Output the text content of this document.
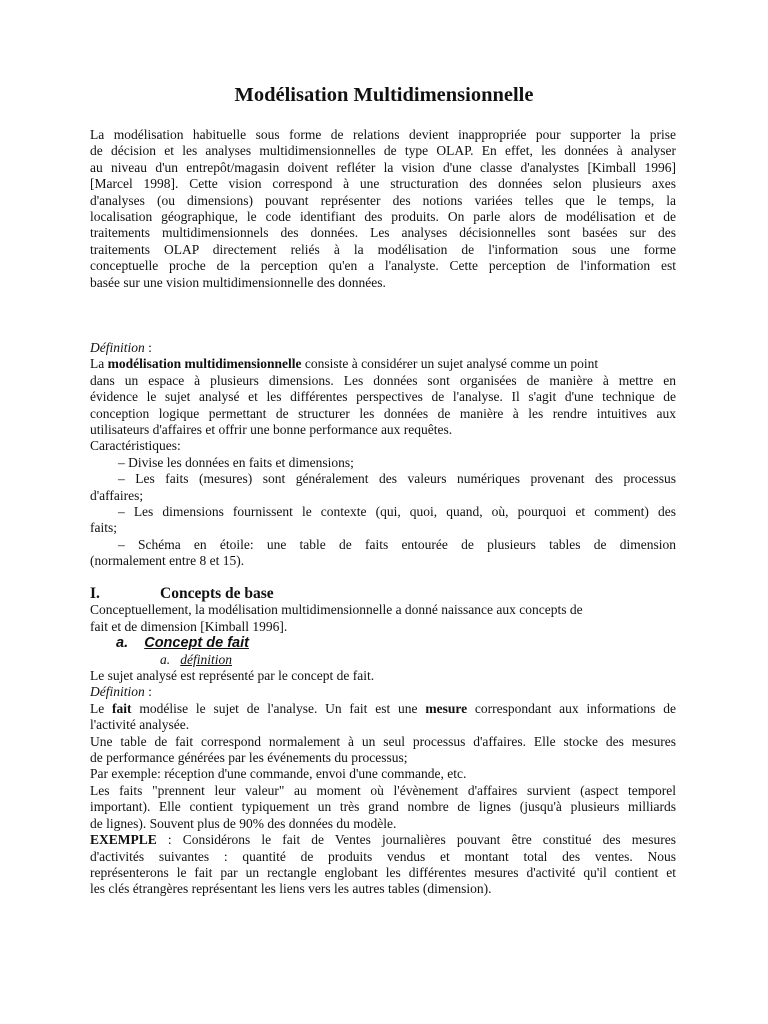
Modélisation Multidimensionnelle

La modélisation habituelle sous forme de relations devient inappropriée pour supporter la prise

de décision et les analyses multidimensionnelles de type OLAP. En effet, les données à analyser

au niveau d'un entrepôt/magasin doivent refléter la vision d'une classe d'analystes [Kimball 1996]

[Marcel 1998]. Cette vision correspond à une structuration des données selon plusieurs axes

d'analyses (ou dimensions) pouvant représenter des notions variées telles que le temps, la

localisation géographique, le code identifiant des produits. On parle alors de modélisation et de

traitements multidimensionnels des données. Les analyses décisionnelles sont basées sur des

traitements OLAP directement reliés à la modélisation de l'information sous une forme

conceptuelle proche de la perception qu'en a l'analyste. Cette perception de l'information est

basée sur une vision multidimensionnelle des données.

Définition :

La modélisation multidimensionnelle consiste à considérer un sujet analysé comme un point

dans un espace à plusieurs dimensions. Les données sont organisées de manière à mettre en

évidence le sujet analysé et les différentes perspectives de l'analyse. Il s'agit d'une technique de

conception logique permettant de structurer les données de manière à les rendre intuitives aux

utilisateurs d'affaires et offrir une bonne performance aux requêtes.

Caractéristiques:

– Divise les données en faits et dimensions;

– Les faits (mesures) sont généralement des valeurs numériques provenant des processus

d'affaires;

– Les dimensions fournissent le contexte (qui, quoi, quand, où, pourquoi et comment) des

faits;

– Schéma en étoile: une table de faits entourée de plusieurs tables de dimension

(normalement entre 8 et 15).

I.	Concepts de base

Conceptuellement, la modélisation multidimensionnelle a donné naissance aux concepts de

fait et de dimension [Kimball 1996].

a. Concept de fait

a. définition

Le sujet analysé est représenté par le concept de fait.

Définition :

Le fait modélise le sujet de l'analyse. Un fait est une mesure correspondant aux informations de

l'activité analysée.

Une table de fait correspond normalement à un seul processus d'affaires. Elle stocke des mesures

de performance générées par les événements du processus;

Par exemple: réception d'une commande, envoi d'une commande, etc.

Les faits "prennent leur valeur" au moment où l'évènement d'affaires survient (aspect temporel

important). Elle contient typiquement un très grand nombre de lignes (jusqu'à plusieurs milliards

de lignes). Souvent plus de 90% des données du modèle.

EXEMPLE : Considérons le fait de Ventes journalières pouvant être constitué des mesures

d'activités suivantes : quantité de produits vendus et montant total des ventes. Nous

représenterons le fait par un rectangle englobant les différentes mesures d'activité qu'il contient et

les clés étrangères représentant les liens vers les autres tables (dimension).
